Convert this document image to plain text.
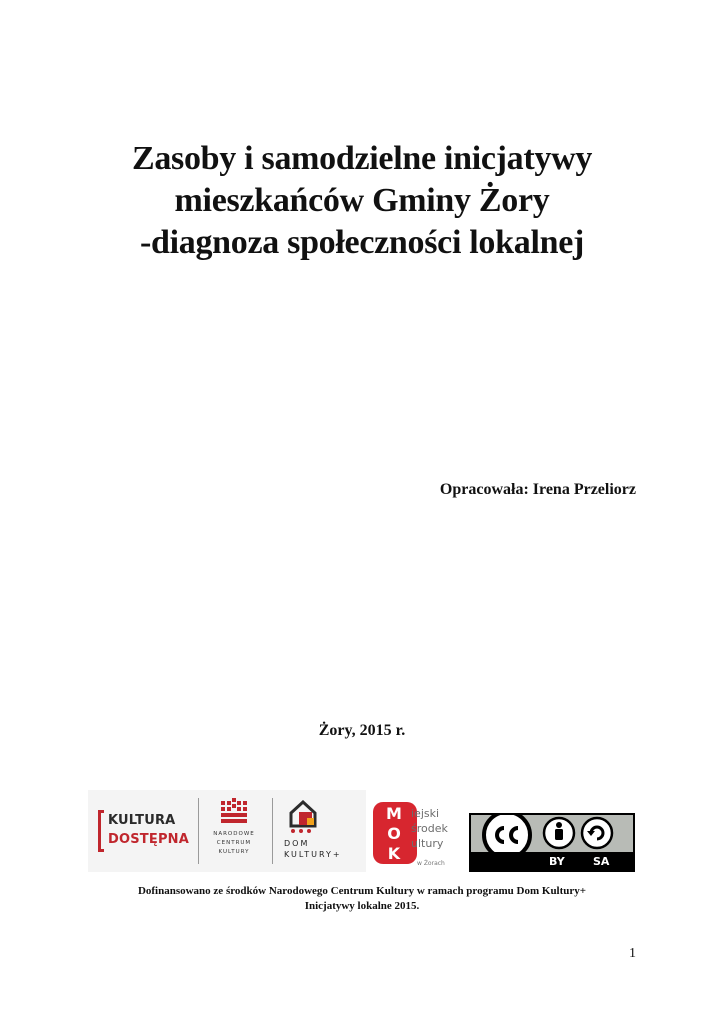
Zasoby i samodzielne inicjatywy
mieszkańców Gminy Żory
-diagnoza społeczności lokalnej
Opracowała: Irena Przeliorz
Żory, 2015 r.
KULTURA
DOSTĘPNA	NARODOWE
CENTRUM
KULTURY
DOM
KULTURY+
M
O
K
iejski
środek
ultury
w Żorach	BY	SA
Dofinansowano ze środków Narodowego Centrum Kultury w ramach programu Dom Kultury+
Inicjatywy lokalne 2015.
1
